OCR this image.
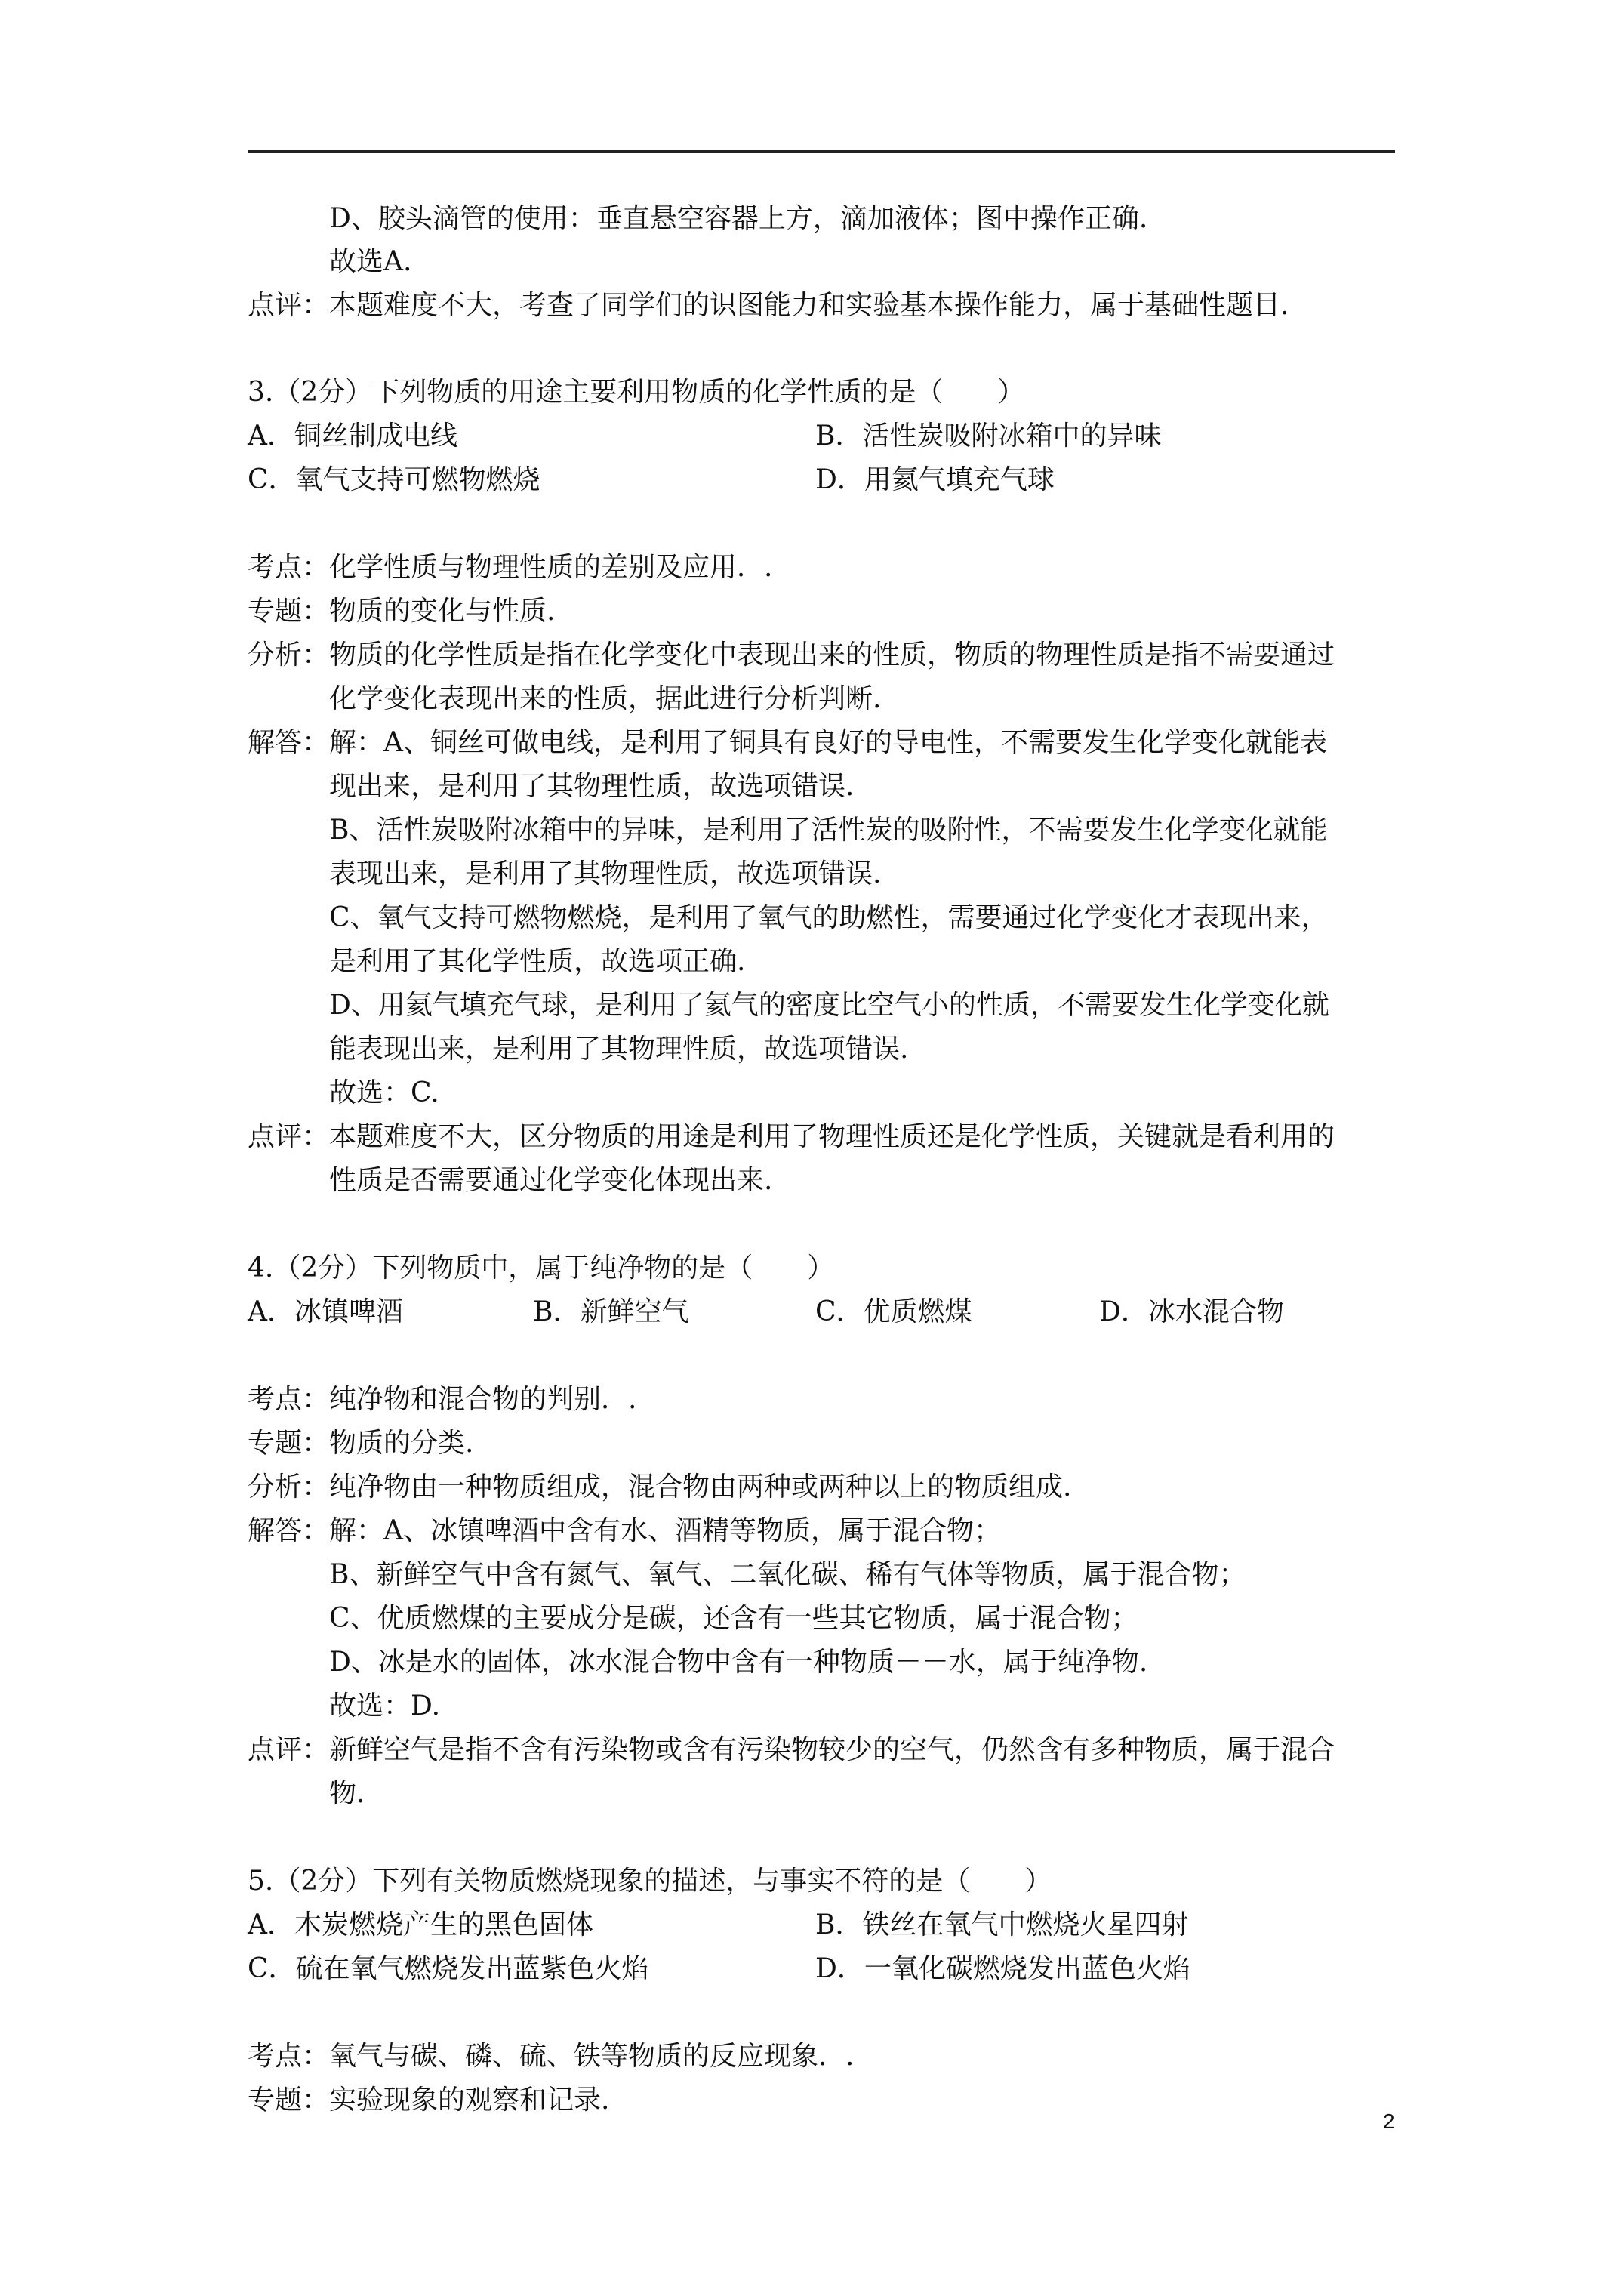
D、胶头滴管的使用：垂直悬空容器上方，滴加液体；图中操作正确.
故选A.
点评：本题难度不大，考查了同学们的识图能力和实验基本操作能力，属于基础性题目.
3.（2分）下列物质的用途主要利用物质的化学性质的是（　　）
A．铜丝制成电线	B．活性炭吸附冰箱中的异味
C．氧气支持可燃物燃烧	D．用氦气填充气球
考点：化学性质与物理性质的差别及应用．.
专题：物质的变化与性质.
分析：物质的化学性质是指在化学变化中表现出来的性质，物质的物理性质是指不需要通过
化学变化表现出来的性质，据此进行分析判断.
解答：解：A、铜丝可做电线，是利用了铜具有良好的导电性，不需要发生化学变化就能表
现出来，是利用了其物理性质，故选项错误.
B、活性炭吸附冰箱中的异味，是利用了活性炭的吸附性，不需要发生化学变化就能
表现出来，是利用了其物理性质，故选项错误.
C、氧气支持可燃物燃烧，是利用了氧气的助燃性，需要通过化学变化才表现出来，
是利用了其化学性质，故选项正确.
D、用氦气填充气球，是利用了氦气的密度比空气小的性质，不需要发生化学变化就
能表现出来，是利用了其物理性质，故选项错误.
故选：C.
点评：本题难度不大，区分物质的用途是利用了物理性质还是化学性质，关键就是看利用的
性质是否需要通过化学变化体现出来.
4.（2分）下列物质中，属于纯净物的是（　　）
A．冰镇啤酒	B．新鲜空气	C．优质燃煤	D．冰水混合物
考点：纯净物和混合物的判别．.
专题：物质的分类.
分析：纯净物由一种物质组成，混合物由两种或两种以上的物质组成.
解答：解：A、冰镇啤酒中含有水、酒精等物质，属于混合物；
B、新鲜空气中含有氮气、氧气、二氧化碳、稀有气体等物质，属于混合物；
C、优质燃煤的主要成分是碳，还含有一些其它物质，属于混合物；
D、冰是水的固体，冰水混合物中含有一种物质－－水，属于纯净物.
故选：D.
点评：新鲜空气是指不含有污染物或含有污染物较少的空气，仍然含有多种物质，属于混合
物.
5.（2分）下列有关物质燃烧现象的描述，与事实不符的是（　　）
A．木炭燃烧产生的黑色固体	B．铁丝在氧气中燃烧火星四射
C．硫在氧气燃烧发出蓝紫色火焰	D．一氧化碳燃烧发出蓝色火焰
考点：氧气与碳、磷、硫、铁等物质的反应现象．.
专题：实验现象的观察和记录.
2
